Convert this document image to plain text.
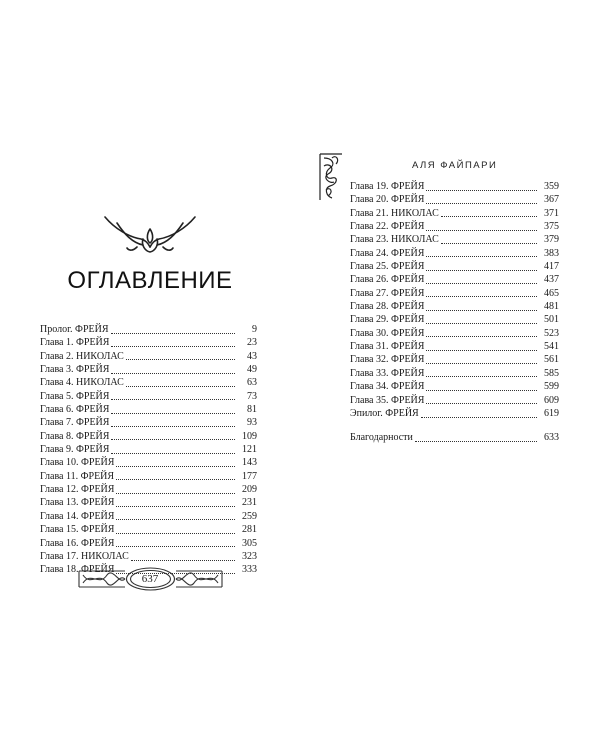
ОГЛАВЛЕНИЕ
Пролог. ФРЕЙЯ	9
Глава 1. ФРЕЙЯ	23
Глава 2. НИКОЛАС	43
Глава 3. ФРЕЙЯ	49
Глава 4. НИКОЛАС	63
Глава 5. ФРЕЙЯ	73
Глава 6. ФРЕЙЯ	81
Глава 7. ФРЕЙЯ	93
Глава 8. ФРЕЙЯ	109
Глава 9. ФРЕЙЯ	121
Глава 10. ФРЕЙЯ	143
Глава 11. ФРЕЙЯ	177
Глава 12. ФРЕЙЯ	209
Глава 13. ФРЕЙЯ	231
Глава 14. ФРЕЙЯ	259
Глава 15. ФРЕЙЯ	281
Глава 16. ФРЕЙЯ	305
Глава 17. НИКОЛАС	323
Глава 18. ФРЕЙЯ	333
637
АЛЯ ФАЙПАРИ
Глава 19. ФРЕЙЯ	359
Глава 20. ФРЕЙЯ	367
Глава 21. НИКОЛАС	371
Глава 22. ФРЕЙЯ	375
Глава 23. НИКОЛАС	379
Глава 24. ФРЕЙЯ	383
Глава 25. ФРЕЙЯ	417
Глава 26. ФРЕЙЯ	437
Глава 27. ФРЕЙЯ	465
Глава 28. ФРЕЙЯ	481
Глава 29. ФРЕЙЯ	501
Глава 30. ФРЕЙЯ	523
Глава 31. ФРЕЙЯ	541
Глава 32. ФРЕЙЯ	561
Глава 33. ФРЕЙЯ	585
Глава 34. ФРЕЙЯ	599
Глава 35. ФРЕЙЯ	609
Эпилог. ФРЕЙЯ	619
Благодарности	633
